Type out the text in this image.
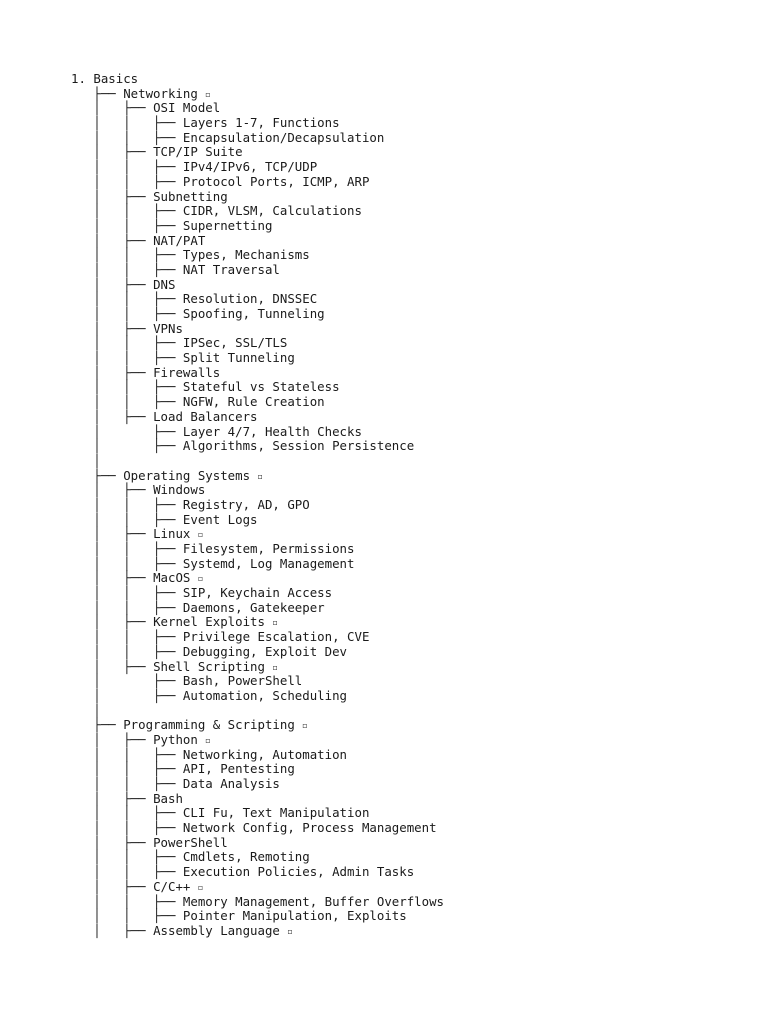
1. Basics
├── Networking ▫
│   ├── OSI Model
│   │   ├── Layers 1-7, Functions
│   │   ├── Encapsulation/Decapsulation
│   ├── TCP/IP Suite
│   │   ├── IPv4/IPv6, TCP/UDP
│   │   ├── Protocol Ports, ICMP, ARP
│   ├── Subnetting
│   │   ├── CIDR, VLSM, Calculations
│   │   ├── Supernetting
│   ├── NAT/PAT
│   │   ├── Types, Mechanisms
│   │   ├── NAT Traversal
│   ├── DNS
│   │   ├── Resolution, DNSSEC
│   │   ├── Spoofing, Tunneling
│   ├── VPNs
│   │   ├── IPSec, SSL/TLS
│   │   ├── Split Tunneling
│   ├── Firewalls
│   │   ├── Stateful vs Stateless
│   │   ├── NGFW, Rule Creation
│   ├── Load Balancers
│       ├── Layer 4/7, Health Checks
│       ├── Algorithms, Session Persistence
│
├── Operating Systems ▫
│   ├── Windows
│   │   ├── Registry, AD, GPO
│   │   ├── Event Logs
│   ├── Linux ▫
│   │   ├── Filesystem, Permissions
│   │   ├── Systemd, Log Management
│   ├── MacOS ▫
│   │   ├── SIP, Keychain Access
│   │   ├── Daemons, Gatekeeper
│   ├── Kernel Exploits ▫
│   │   ├── Privilege Escalation, CVE
│   │   ├── Debugging, Exploit Dev
│   ├── Shell Scripting ▫
│       ├── Bash, PowerShell
│       ├── Automation, Scheduling
│
├── Programming & Scripting ▫
│   ├── Python ▫
│   │   ├── Networking, Automation
│   │   ├── API, Pentesting
│   │   ├── Data Analysis
│   ├── Bash
│   │   ├── CLI Fu, Text Manipulation
│   │   ├── Network Config, Process Management
│   ├── PowerShell
│   │   ├── Cmdlets, Remoting
│   │   ├── Execution Policies, Admin Tasks
│   ├── C/C++ ▫
│   │   ├── Memory Management, Buffer Overflows
│   │   ├── Pointer Manipulation, Exploits
│   ├── Assembly Language ▫
